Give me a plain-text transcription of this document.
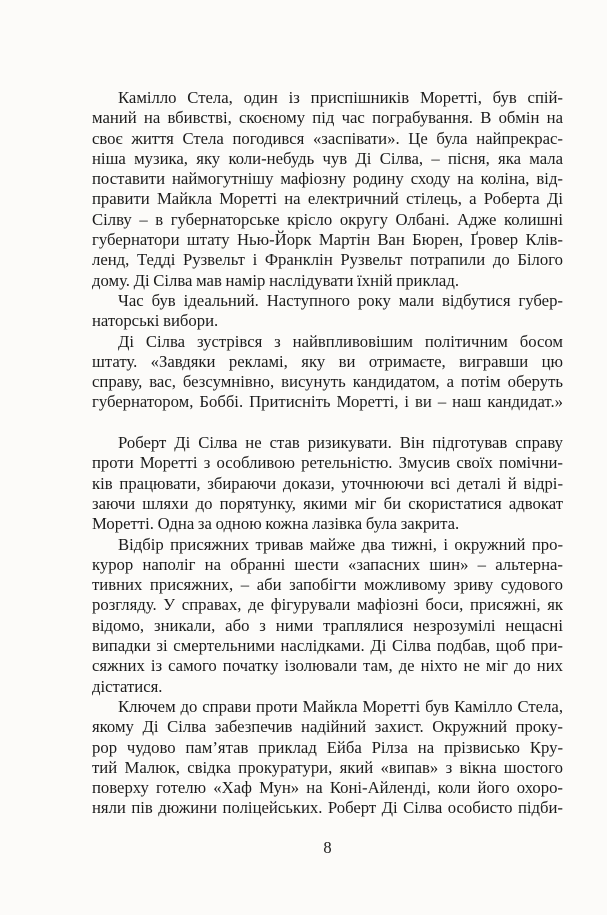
Камілло Стела, один із приспішників Моретті, був спій-
маний на вбивстві, скоєному під час пограбування. В обмін на
своє життя Стела погодився «заспівати». Це була найпрекрас-
ніша музика, яку коли-небудь чув Ді Сілва, – пісня, яка мала
поставити наймогутнішу мафіозну родину сходу на коліна, від-
правити Майкла Моретті на електричний стілець, а Роберта Ді
Сілву – в губернаторське крісло округу Олбані. Адже колишні
губернатори штату Нью-Йорк Мартін Ван Бюрен, Ґровер Клів-
ленд, Тедді Рузвельт і Франклін Рузвельт потрапили до Білого
дому. Ді Сілва мав намір наслідувати їхній приклад.
Час був ідеальний. Наступного року мали відбутися губер-
наторські вибори.
Ді Сілва зустрівся з найвпливовішим політичним босом
штату. «Завдяки рекламі, яку ви отримаєте, вигравши цю
справу, вас, безсумнівно, висунуть кандидатом, а потім оберуть
губернатором, Боббі. Притисніть Моретті, і ви – наш кандидат.»
Роберт Ді Сілва не став ризикувати. Він підготував справу
проти Моретті з особливою ретельністю. Змусив своїх помічни-
ків працювати, збираючи докази, уточнюючи всі деталі й відрі-
заючи шляхи до порятунку, якими міг би скористатися адвокат
Моретті. Одна за одною кожна лазівка була закрита.
Відбір присяжних тривав майже два тижні, і окружний про-
курор наполіг на обранні шести «запасних шин» – альтерна-
тивних присяжних, – аби запобігти можливому зриву судового
розгляду. У справах, де фігурували мафіозні боси, присяжні, як
відомо, зникали, або з ними траплялися незрозумілі нещасні
випадки зі смертельними наслідками. Ді Сілва подбав, щоб при-
сяжних із самого початку ізолювали там, де ніхто не міг до них
дістатися.
Ключем до справи проти Майкла Моретті був Камілло Стела,
якому Ді Сілва забезпечив надійний захист. Окружний проку-
рор чудово пам’ятав приклад Ейба Рілза на прізвисько Кру-
тий Малюк, свідка прокуратури, який «випав» з вікна шостого
поверху готелю «Хаф Мун» на Коні-Айленді, коли його охоро-
няли пів дюжини поліцейських. Роберт Ді Сілва особисто підби-
8
